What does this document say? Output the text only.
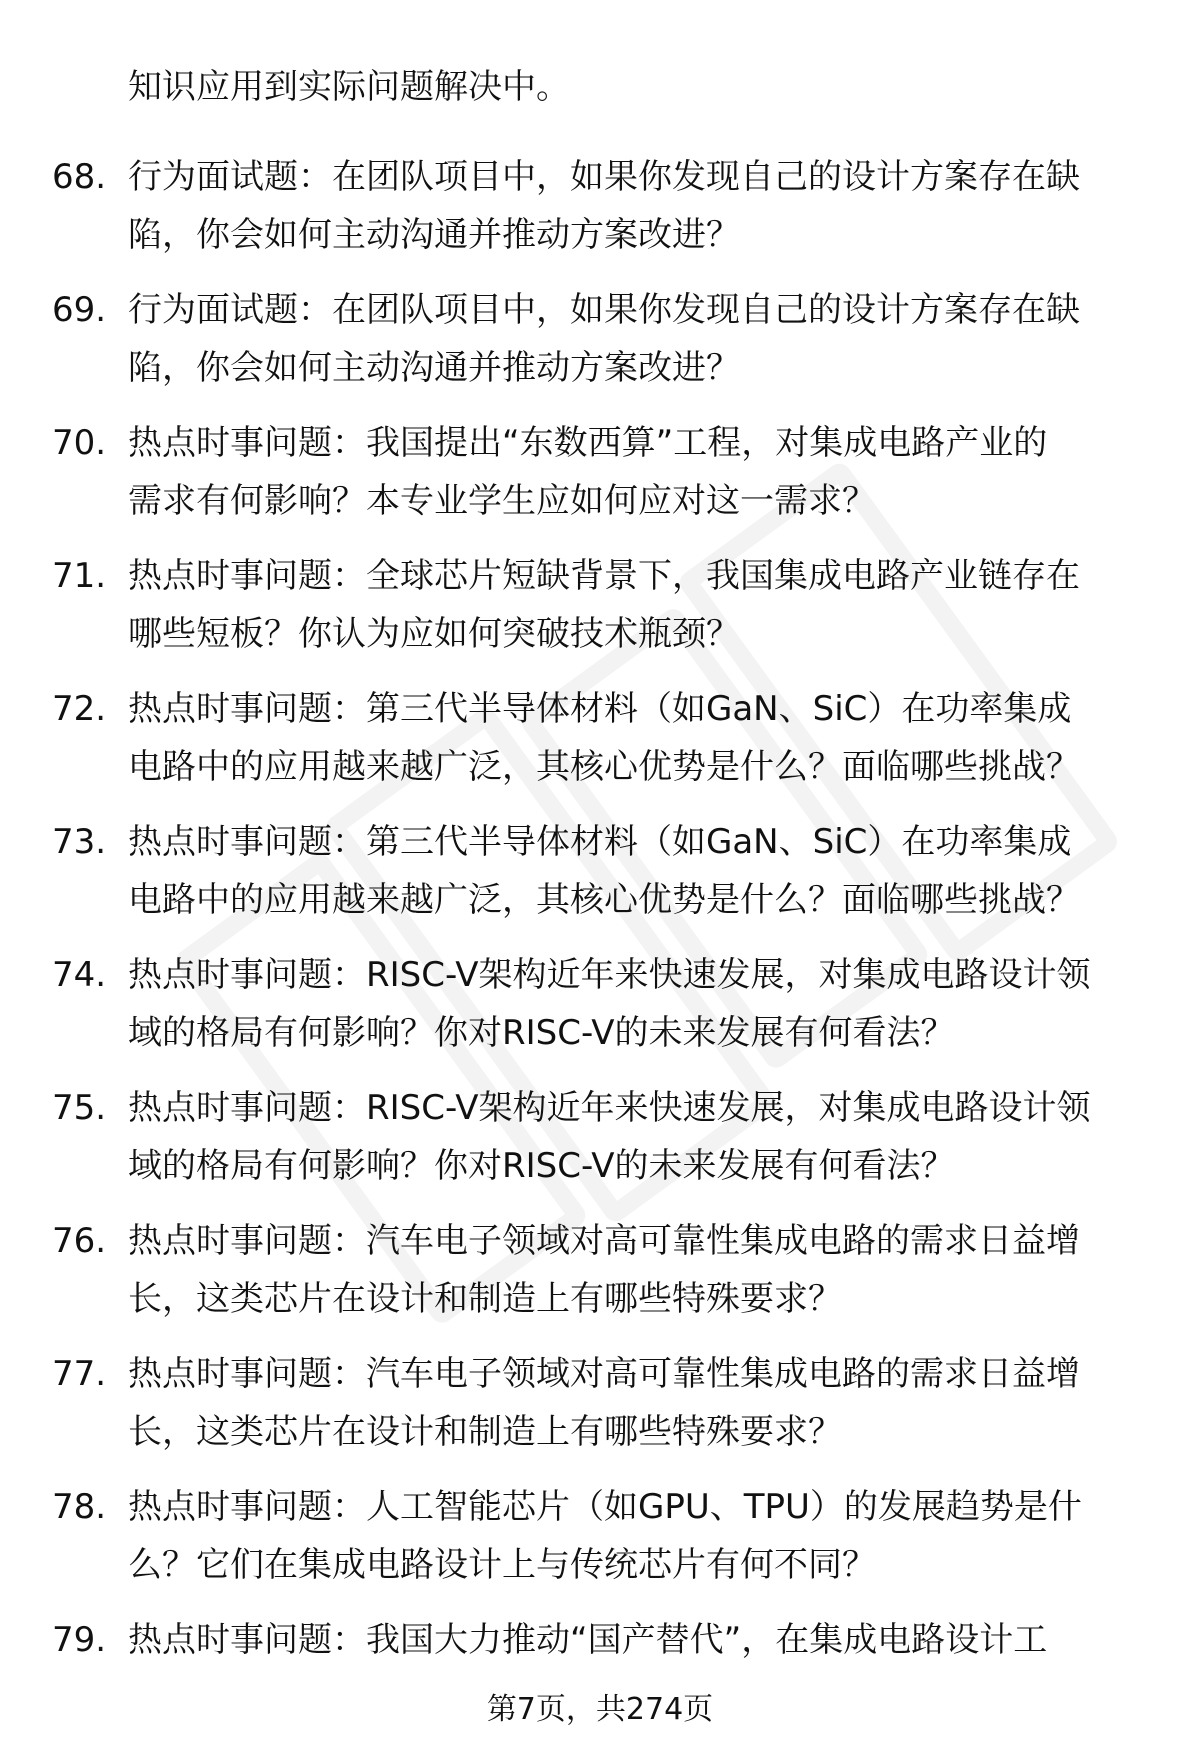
知识应用到实际问题解决中。
68. 行为面试题：在团队项目中，如果你发现自己的设计方案存在缺
陷，你会如何主动沟通并推动方案改进？
69. 行为面试题：在团队项目中，如果你发现自己的设计方案存在缺
陷，你会如何主动沟通并推动方案改进？
70. 热点时事问题：我国提出“东数西算”工程，对集成电路产业的
需求有何影响？本专业学生应如何应对这一需求？
71. 热点时事问题：全球芯片短缺背景下，我国集成电路产业链存在
哪些短板？你认为应如何突破技术瓶颈？
72. 热点时事问题：第三代半导体材料（如GaN、SiC）在功率集成
电路中的应用越来越广泛，其核心优势是什么？面临哪些挑战？
73. 热点时事问题：第三代半导体材料（如GaN、SiC）在功率集成
电路中的应用越来越广泛，其核心优势是什么？面临哪些挑战？
74. 热点时事问题：RISC-V架构近年来快速发展，对集成电路设计领
域的格局有何影响？你对RISC-V的未来发展有何看法？
75. 热点时事问题：RISC-V架构近年来快速发展，对集成电路设计领
域的格局有何影响？你对RISC-V的未来发展有何看法？
76. 热点时事问题：汽车电子领域对高可靠性集成电路的需求日益增
长，这类芯片在设计和制造上有哪些特殊要求？
77. 热点时事问题：汽车电子领域对高可靠性集成电路的需求日益增
长，这类芯片在设计和制造上有哪些特殊要求？
78. 热点时事问题：人工智能芯片（如GPU、TPU）的发展趋势是什
么？它们在集成电路设计上与传统芯片有何不同？
79. 热点时事问题：我国大力推动“国产替代”，在集成电路设计工
第7页，共274页
